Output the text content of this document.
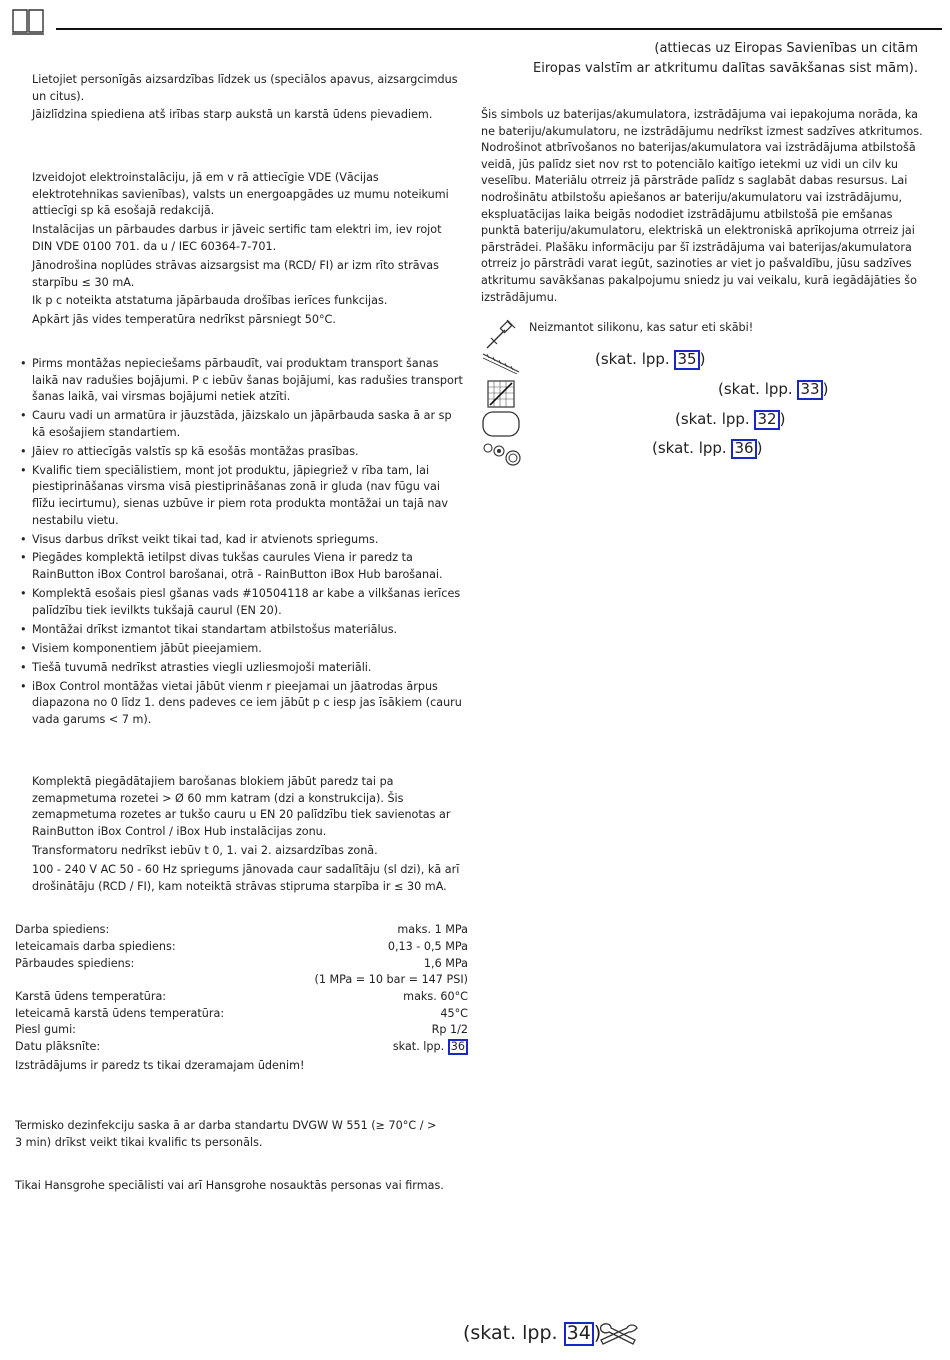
(attiecas uz Eiropas Savienības un citām
Eiropas valstīm ar atkritumu dalītas savākšanas sist mām).

Lietojiet personīgās aizsardzības līdzek us (speciālos apavus, aizsargcimdus un citus).

Jāizlīdzina spiediena atš irības starp aukstā un karstā ūdens pievadiem.

Izveidojot elektroinstalāciju, jā em v rā attiecīgie VDE (Vācijas elektrotehnikas savienības), valsts un energoapgādes uz mumu noteikumi attiecīgi sp kā esošajā redakcijā.

Instalācijas un pārbaudes darbus ir jāveic sertific tam elektri im, iev rojot DIN VDE 0100 701. da u / IEC 60364-7-701.

Jānodrošina noplūdes strāvas aizsargsist ma (RCD/ FI) ar izm rīto strāvas starpību ≤ 30 mA.

Ik p c noteikta atstatuma jāpārbauda drošības ierīces funkcijas.

Apkārt jās vides temperatūra nedrīkst pārsniegt 50°C.

• Pirms montāžas nepieciešams pārbaudīt, vai produktam transport šanas laikā nav radušies bojājumi. P c iebūv šanas bojājumi, kas radušies transport šanas laikā, vai virsmas bojājumi netiek atzīti.
• Cauru vadi un armatūra ir jāuzstāda, jāizskalo un jāpārbauda saska ā ar sp kā esošajiem standartiem.
• Jāiev ro attiecīgās valstīs sp kā esošās montāžas prasības.
• Kvalific tiem speciālistiem, mont jot produktu, jāpiegriež v rība tam, lai piestiprināšanas virsma visā piestiprināšanas zonā ir gluda (nav fūgu vai flīžu iecirtumu), sienas uzbūve ir piem rota produkta montāžai un tajā nav nestabilu vietu.
• Visus darbus drīkst veikt tikai tad, kad ir atvienots spriegums.
• Piegādes komplektā ietilpst divas tukšas caurules Viena ir paredz ta RainButton iBox Control barošanai, otrā - RainButton iBox Hub barošanai.
• Komplektā esošais piesl gšanas vads #10504118 ar kabe a vilkšanas ierīces palīdzību tiek ievilkts tukšajā caurul (EN 20).
• Montāžai drīkst izmantot tikai standartam atbilstošus materiālus.
• Visiem komponentiem jābūt pieejamiem.
• Tiešā tuvumā nedrīkst atrasties viegli uzliesmojoši materiāli.
• iBox Control montāžas vietai jābūt vienm r pieejamai un jāatrodas ārpus diapazona no 0 līdz 1. dens padeves ce iem jābūt p c iesp jas īsākiem (cauru vada garums < 7 m).

Komplektā piegādātajiem barošanas blokiem jābūt paredz tai pa zemapmetuma rozetei > Ø 60 mm katram (dzi a konstrukcija). Šis zemapmetuma rozetes ar tukšo cauru u EN 20 palīdzību tiek savienotas ar RainButton iBox Control / iBox Hub instalācijas zonu.

Transformatoru nedrīkst iebūv t 0, 1. vai 2. aizsardzības zonā.

100 - 240 V AC 50 - 60 Hz spriegums jānovada caur sadalītāju (sl dzi), kā arī drošinātāju (RCD / FI), kam noteiktā strāvas stipruma starpība ir ≤ 30 mA.

Darba spiediens:	maks. 1 MPa
Ieteicamais darba spiediens:	0,13 - 0,5 MPa
Pārbaudes spiediens:	1,6 MPa
(1 MPa = 10 bar = 147 PSI)
Karstā ūdens temperatūra:	maks. 60°C
Ieteicamā karstā ūdens temperatūra:	45°C
Piesl gumi:	Rp 1/2
Datu plāksnīte:	skat. lpp. 36

Izstrādājums ir paredz ts tikai dzeramajam ūdenim!

Termisko dezinfekciju saska ā ar darba standartu DVGW W 551 (≥ 70°C / > 3 min) drīkst veikt tikai kvalific ts personāls.

Tikai Hansgrohe speciālisti vai arī Hansgrohe nosauktās personas vai firmas.

Šis simbols uz baterijas/akumulatora, izstrādājuma vai iepakojuma norāda, ka ne bateriju/akumulatoru, ne izstrādājumu nedrīkst izmest sadzīves atkritumos. Nodrošinot atbrīvošanos no baterijas/akumulatora vai izstrādājuma atbilstošā veidā, jūs palīdz siet nov rst to potenciālo kaitīgo ietekmi uz vidi un cilv ku veselību. Materiālu otrreiz jā pārstrāde palīdz s saglabāt dabas resursus. Lai nodrošinātu atbilstošu apiešanos ar bateriju/akumulatoru vai izstrādājumu, ekspluatācijas laika beigās nododiet izstrādājumu atbilstošā pie emšanas punktā bateriju/akumulatoru, elektriskā un elektroniskā aprīkojuma otrreiz jai pārstrādei. Plašāku informāciju par šī izstrādājuma vai baterijas/akumulatora otrreiz jo pārstrādi varat iegūt, sazinoties ar viet jo pašvaldību, jūsu sadzīves atkritumu savākšanas pakalpojumu sniedz ju vai veikalu, kurā iegādājāties šo izstrādājumu.

Neizmantot silikonu, kas satur eti skābi!
(skat. lpp. 35 )
(skat. lpp. 33 )
(skat. lpp. 32 )
(skat. lpp. 36 )
(skat. lpp. 34 )
